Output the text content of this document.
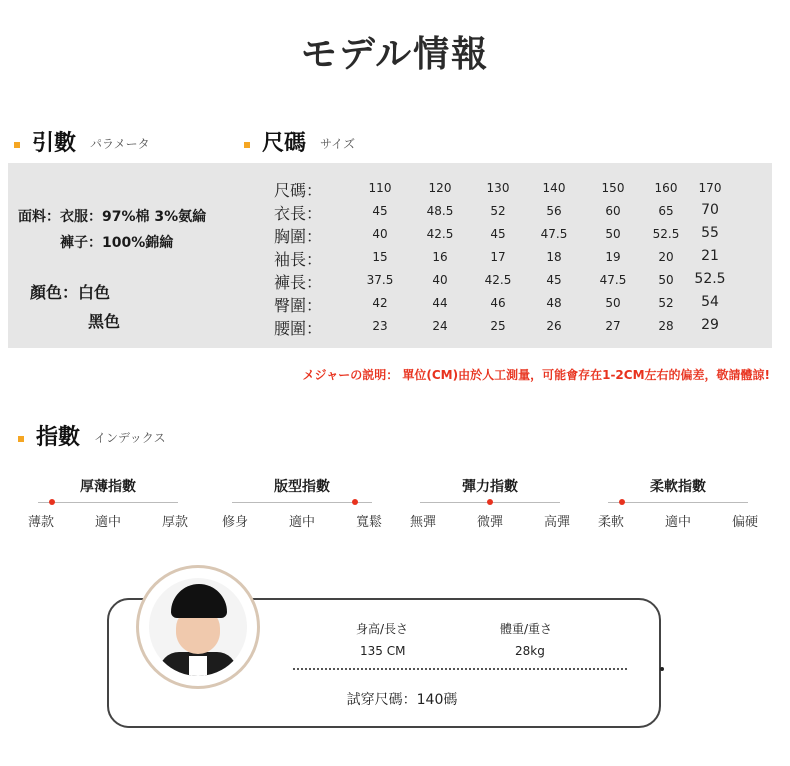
モデル情報
引數 パラメータ	尺碼 サイズ
面料：衣服：97%棉 3%氨綸
褲子：100%錦綸
顏色：白色
黑色
尺碼：	110	120	130	140	150	160	170
衣長：	45	48.5	52	56	60	65	70
胸圍：	40	42.5	45	47.5	50	52.5	55
袖長：	15	16	17	18	19	20	21
褲長：	37.5	40	42.5	45	47.5	50	52.5
臀圍：	42	44	46	48	50	52	54
腰圍：	23	24	25	26	27	28	29
メジャーの説明： 單位(CM)由於人工測量，可能會存在1-2CM左右的偏差，敬請體諒!
指數 インデックス
厚薄指數
薄款	適中	厚款
版型指數
修身	適中	寬鬆
彈力指數
無彈	微彈	高彈
柔軟指數
柔軟	適中	偏硬
身高/長さ
135 CM
體重/重さ
28kg
試穿尺碼：140碼
